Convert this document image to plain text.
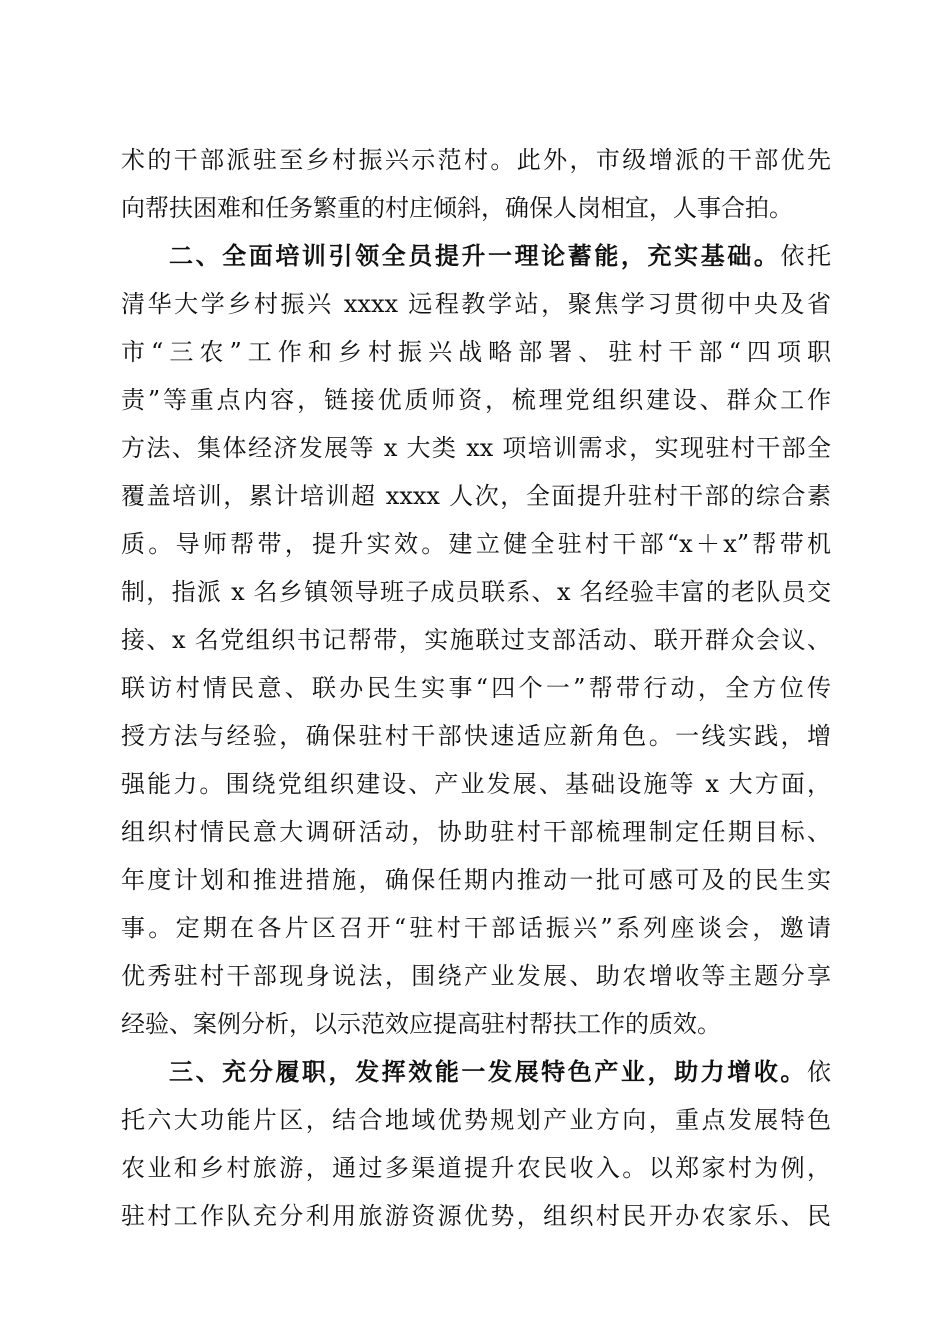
术的干部派驻至乡村振兴示范村。此外，市级增派的干部优先
向帮扶困难和任务繁重的村庄倾斜，确保人岗相宜，人事合拍。
二、全面培训引领全员提升一理论蓄能，充实基础。依托
清华大学乡村振兴 xxxx 远程教学站，聚焦学习贯彻中央及省
市“三农”工作和乡村振兴战略部署、驻村干部“四项职
责”等重点内容，链接优质师资，梳理党组织建设、群众工作
方法、集体经济发展等 x 大类 xx 项培训需求，实现驻村干部全
覆盖培训，累计培训超 xxxx 人次，全面提升驻村干部的综合素
质。导师帮带，提升实效。建立健全驻村干部“x＋x”帮带机
制，指派 x 名乡镇领导班子成员联系、x 名经验丰富的老队员交
接、x 名党组织书记帮带，实施联过支部活动、联开群众会议、
联访村情民意、联办民生实事“四个一”帮带行动，全方位传
授方法与经验，确保驻村干部快速适应新角色。一线实践，增
强能力。围绕党组织建设、产业发展、基础设施等 x 大方面，
组织村情民意大调研活动，协助驻村干部梳理制定任期目标、
年度计划和推进措施，确保任期内推动一批可感可及的民生实
事。定期在各片区召开“驻村干部话振兴”系列座谈会，邀请
优秀驻村干部现身说法，围绕产业发展、助农增收等主题分享
经验、案例分析，以示范效应提高驻村帮扶工作的质效。
三、充分履职，发挥效能一发展特色产业，助力增收。依
托六大功能片区，结合地域优势规划产业方向，重点发展特色
农业和乡村旅游，通过多渠道提升农民收入。以郑家村为例，
驻村工作队充分利用旅游资源优势，组织村民开办农家乐、民
